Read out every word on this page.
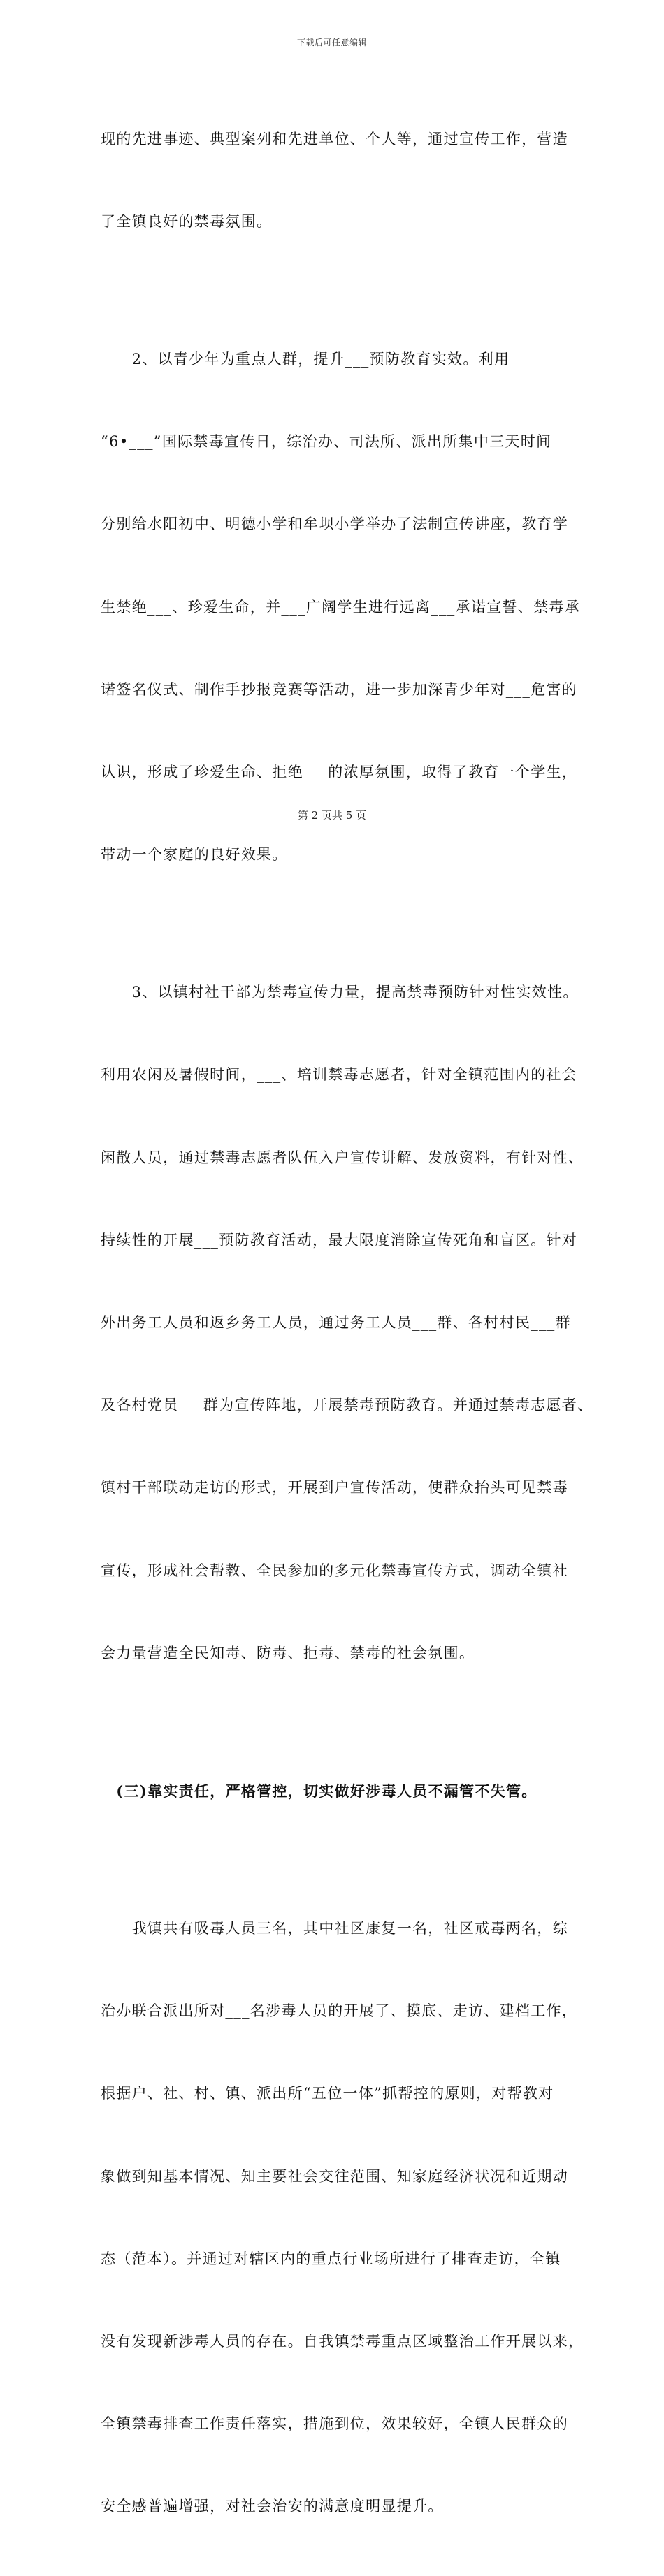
下载后可任意编辑

现的先进事迹、典型案列和先进单位、个人等，通过宣传工作，营造

了全镇良好的禁毒氛围。

　　2、以青少年为重点人群，提升___预防教育实效。利用

“6•___”国际禁毒宣传日，综治办、司法所、派出所集中三天时间

分别给水阳初中、明德小学和牟坝小学举办了法制宣传讲座，教育学

生禁绝___、珍爱生命，并___广阔学生进行远离___承诺宣誓、禁毒承

诺签名仪式、制作手抄报竞赛等活动，进一步加深青少年对___危害的

认识，形成了珍爱生命、拒绝___的浓厚氛围，取得了教育一个学生，

带动一个家庭的良好效果。

　　3、以镇村社干部为禁毒宣传力量，提高禁毒预防针对性实效性。

利用农闲及暑假时间，___、培训禁毒志愿者，针对全镇范围内的社会

闲散人员，通过禁毒志愿者队伍入户宣传讲解、发放资料，有针对性、

持续性的开展___预防教育活动，最大限度消除宣传死角和盲区。针对

外出务工人员和返乡务工人员，通过务工人员___群、各村村民___群

及各村党员___群为宣传阵地，开展禁毒预防教育。并通过禁毒志愿者、

镇村干部联动走访的形式，开展到户宣传活动，使群众抬头可见禁毒

宣传，形成社会帮教、全民参加的多元化禁毒宣传方式，调动全镇社

会力量营造全民知毒、防毒、拒毒、禁毒的社会氛围。

　(三)靠实责任，严格管控，切实做好涉毒人员不漏管不失管。

　　我镇共有吸毒人员三名，其中社区康复一名，社区戒毒两名，综

治办联合派出所对___名涉毒人员的开展了、摸底、走访、建档工作，

根据户、社、村、镇、派出所“五位一体”抓帮控的原则，对帮教对

象做到知基本情况、知主要社会交往范围、知家庭经济状况和近期动

态（范本）。并通过对辖区内的重点行业场所进行了排查走访，全镇

没有发现新涉毒人员的存在。自我镇禁毒重点区域整治工作开展以来，

全镇禁毒排查工作责任落实，措施到位，效果较好，全镇人民群众的

安全感普遍增强，对社会治安的满意度明显提升。

第 2 页共 5 页
